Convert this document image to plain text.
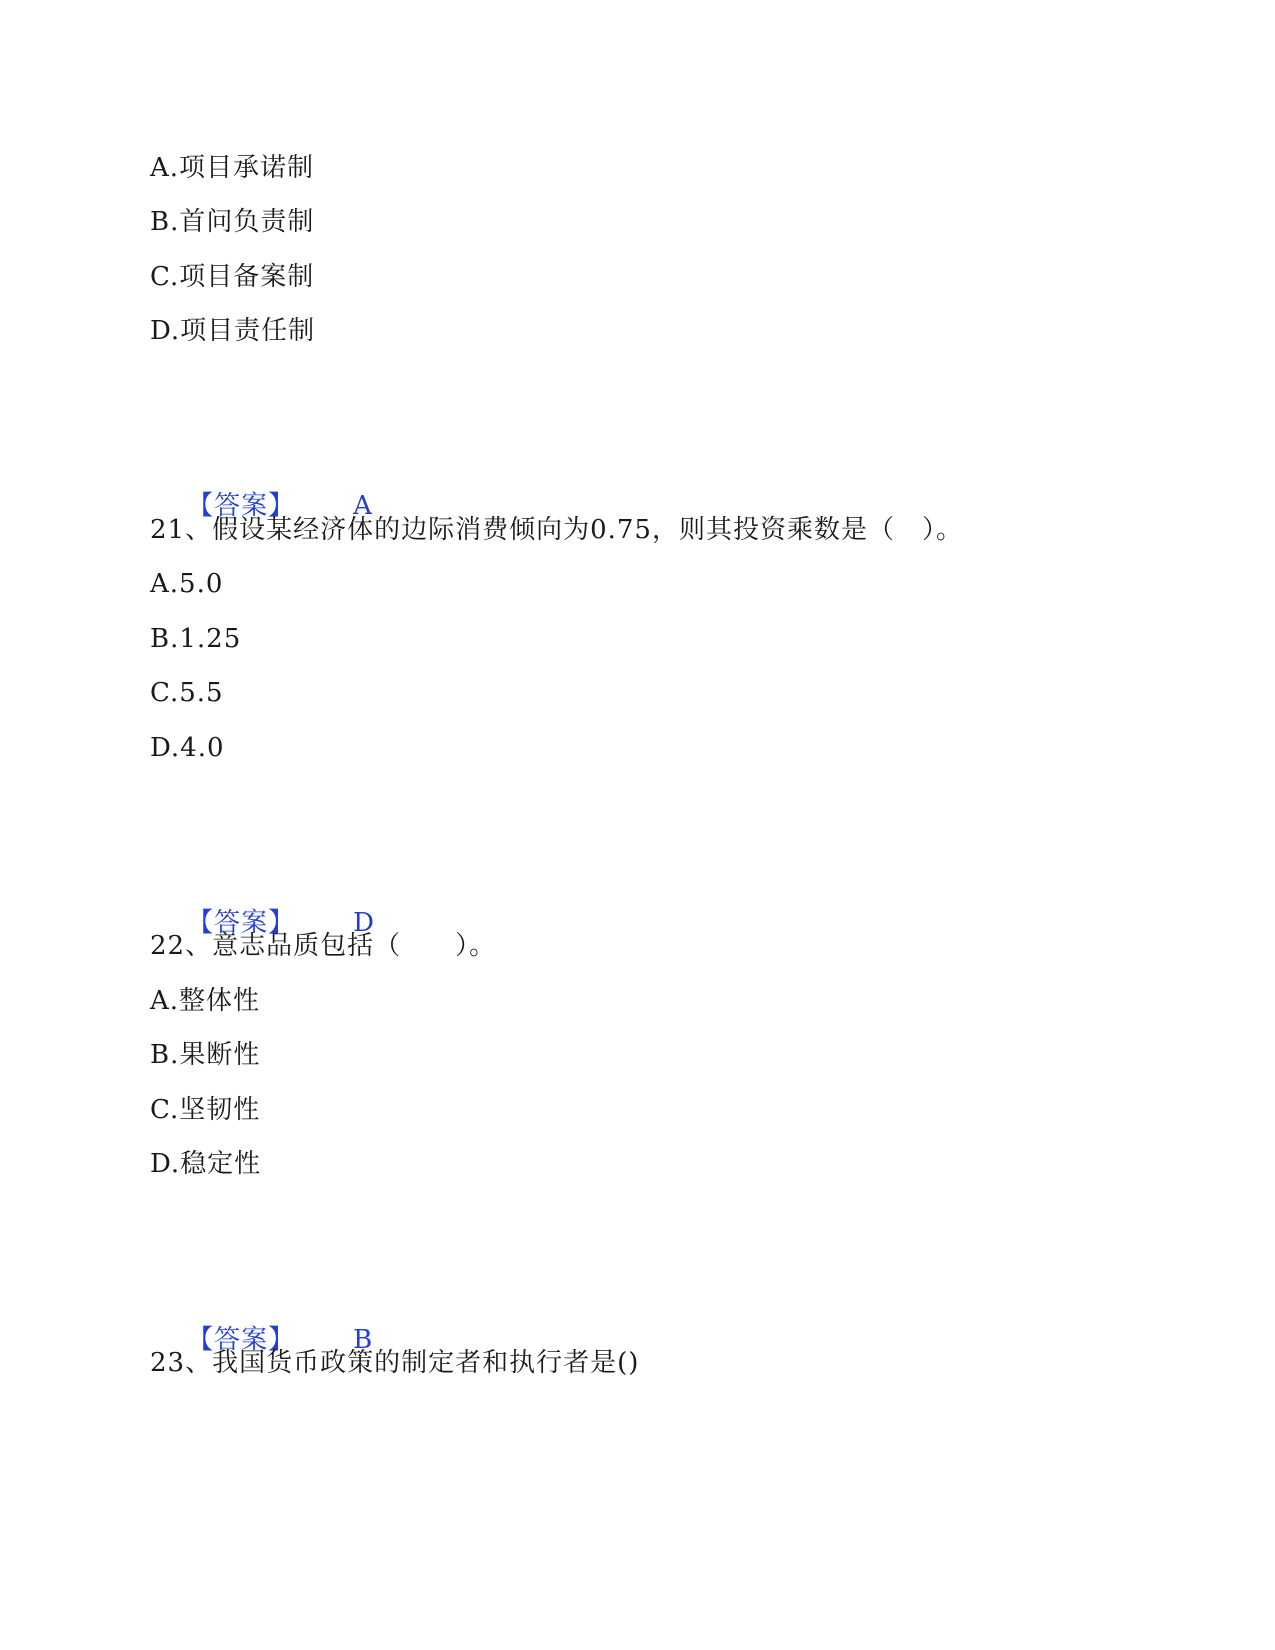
A.项目承诺制
B.首问负责制
C.项目备案制
D.项目责任制

【答案】 A

21、假设某经济体的边际消费倾向为0.75，则其投资乘数是（　）。
A.5.0
B.1.25
C.5.5
D.4.0

【答案】 D

22、意志品质包括（　　）。
A.整体性
B.果断性
C.坚韧性
D.稳定性

【答案】 B

23、我国货币政策的制定者和执行者是()
